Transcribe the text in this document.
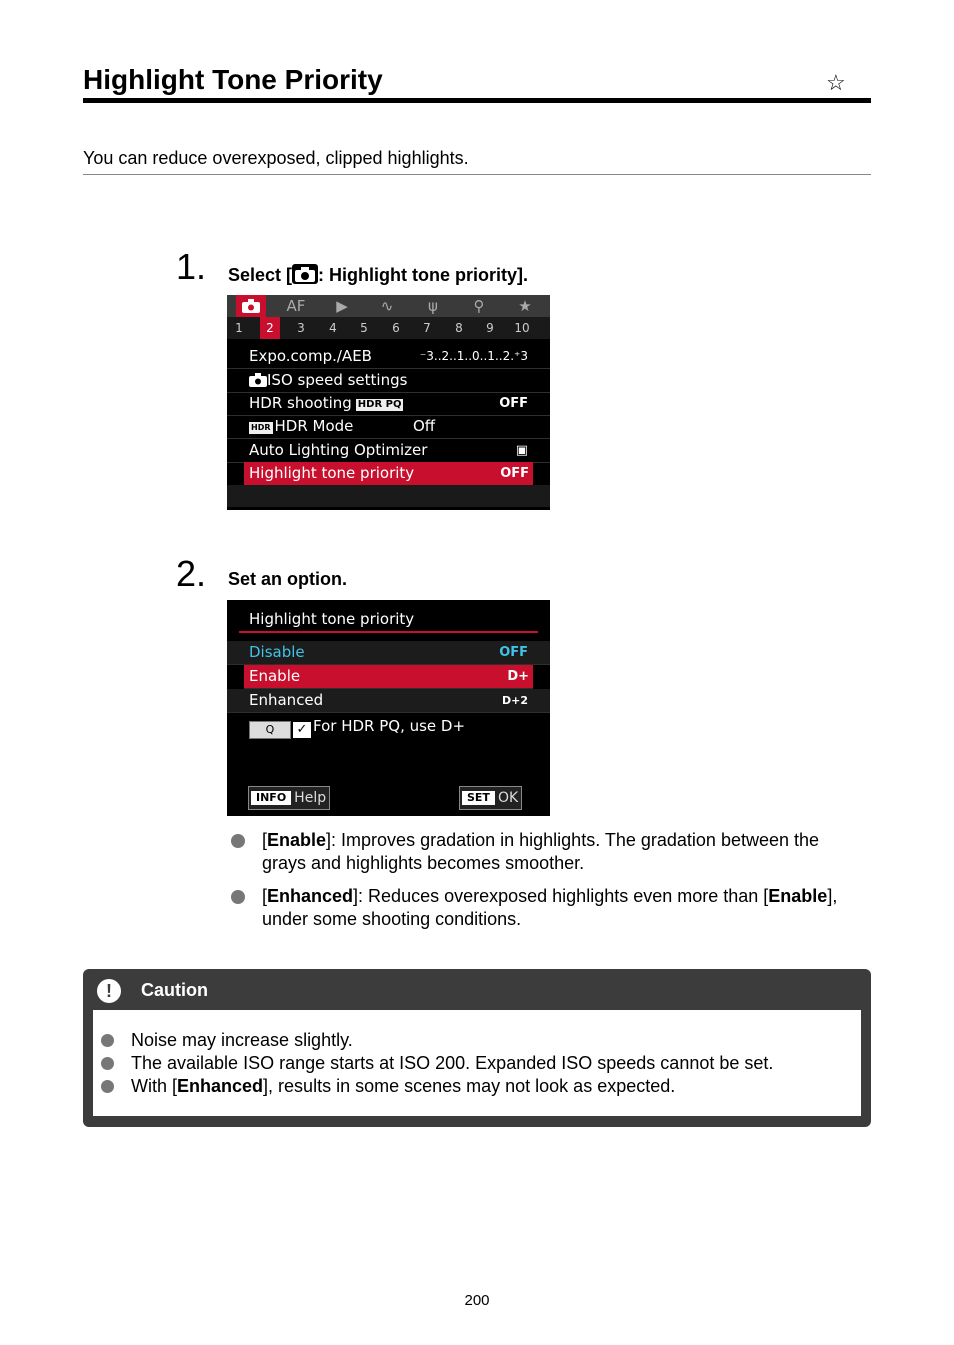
Highlight Tone Priority	☆
You can reduce overexposed, clipped highlights.
1. Select [ : Highlight tone priority].
AF	▶	∿	ψ	⚲	★
1	2	3	4	5	6	7	8	9	10
Expo.comp./AEB	⁻3..2..1..0..1..2.⁺3
ISO speed settings
HDR shooting HDR PQ	OFF
HDR HDR Mode	Off
Auto Lighting Optimizer	▣
Highlight tone priority	OFF
2. Set an option.
Highlight tone priority
Disable	OFF
Enable	D+
Enhanced	D+2
Q ✓ For HDR PQ, use D+
INFO Help	SET OK
[Enable]: Improves gradation in highlights. The gradation between the grays and highlights becomes smoother.
[Enhanced]: Reduces overexposed highlights even more than [Enable], under some shooting conditions.
!	Caution
Noise may increase slightly.
The available ISO range starts at ISO 200. Expanded ISO speeds cannot be set.
With [Enhanced], results in some scenes may not look as expected.
200
